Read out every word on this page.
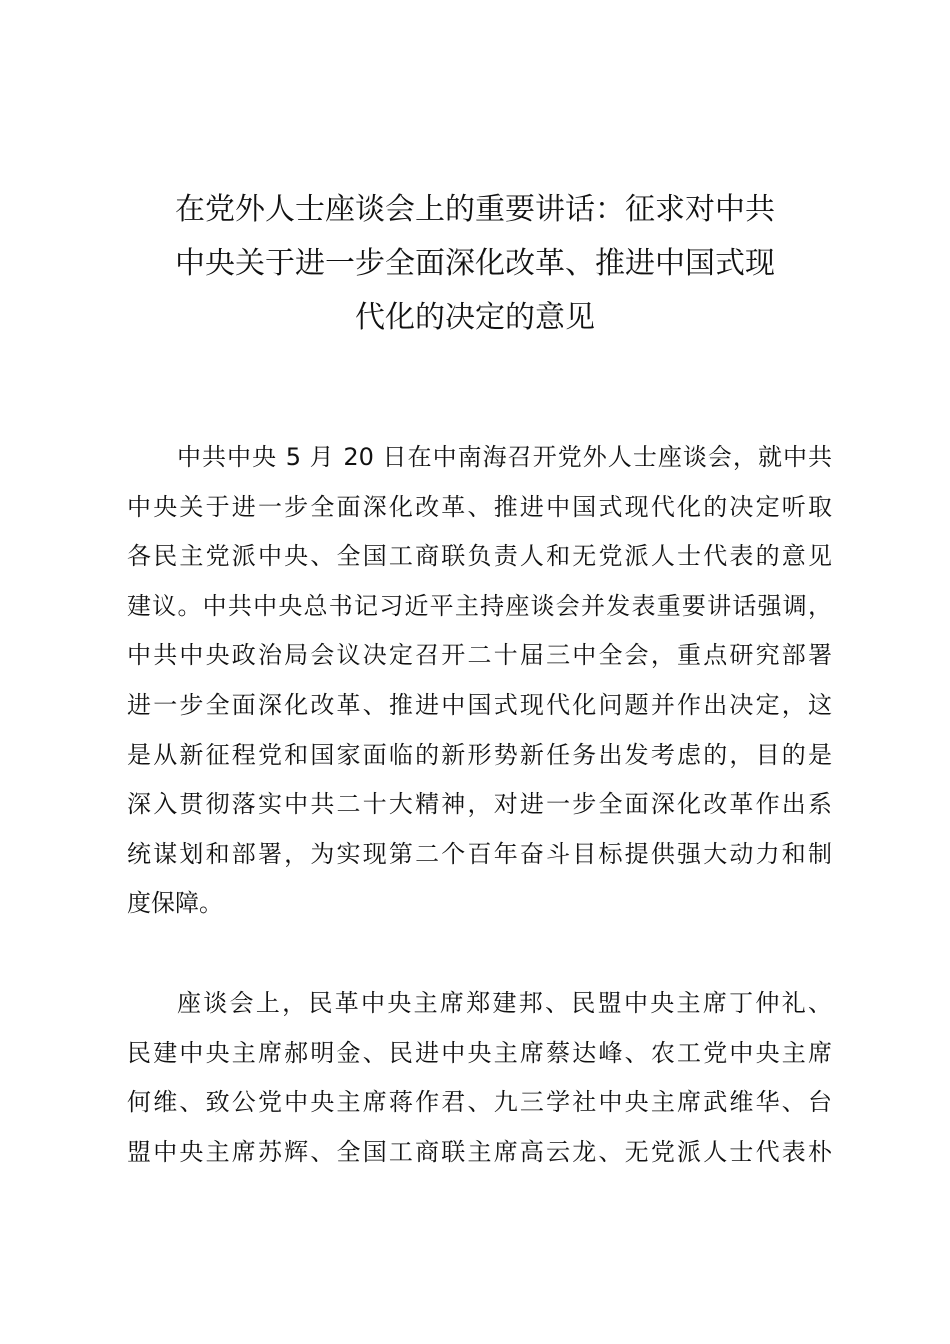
在党外人士座谈会上的重要讲话：征求对中共
中央关于进一步全面深化改革、推进中国式现
代化的决定的意见
中共中央 5 月 20 日在中南海召开党外人士座谈会，就中共
中央关于进一步全面深化改革、推进中国式现代化的决定听取
各民主党派中央、全国工商联负责人和无党派人士代表的意见
建议。中共中央总书记习近平主持座谈会并发表重要讲话强调，
中共中央政治局会议决定召开二十届三中全会，重点研究部署
进一步全面深化改革、推进中国式现代化问题并作出决定，这
是从新征程党和国家面临的新形势新任务出发考虑的，目的是
深入贯彻落实中共二十大精神，对进一步全面深化改革作出系
统谋划和部署，为实现第二个百年奋斗目标提供强大动力和制
度保障。
座谈会上，民革中央主席郑建邦、民盟中央主席丁仲礼、
民建中央主席郝明金、民进中央主席蔡达峰、农工党中央主席
何维、致公党中央主席蒋作君、九三学社中央主席武维华、台
盟中央主席苏辉、全国工商联主席高云龙、无党派人士代表朴
